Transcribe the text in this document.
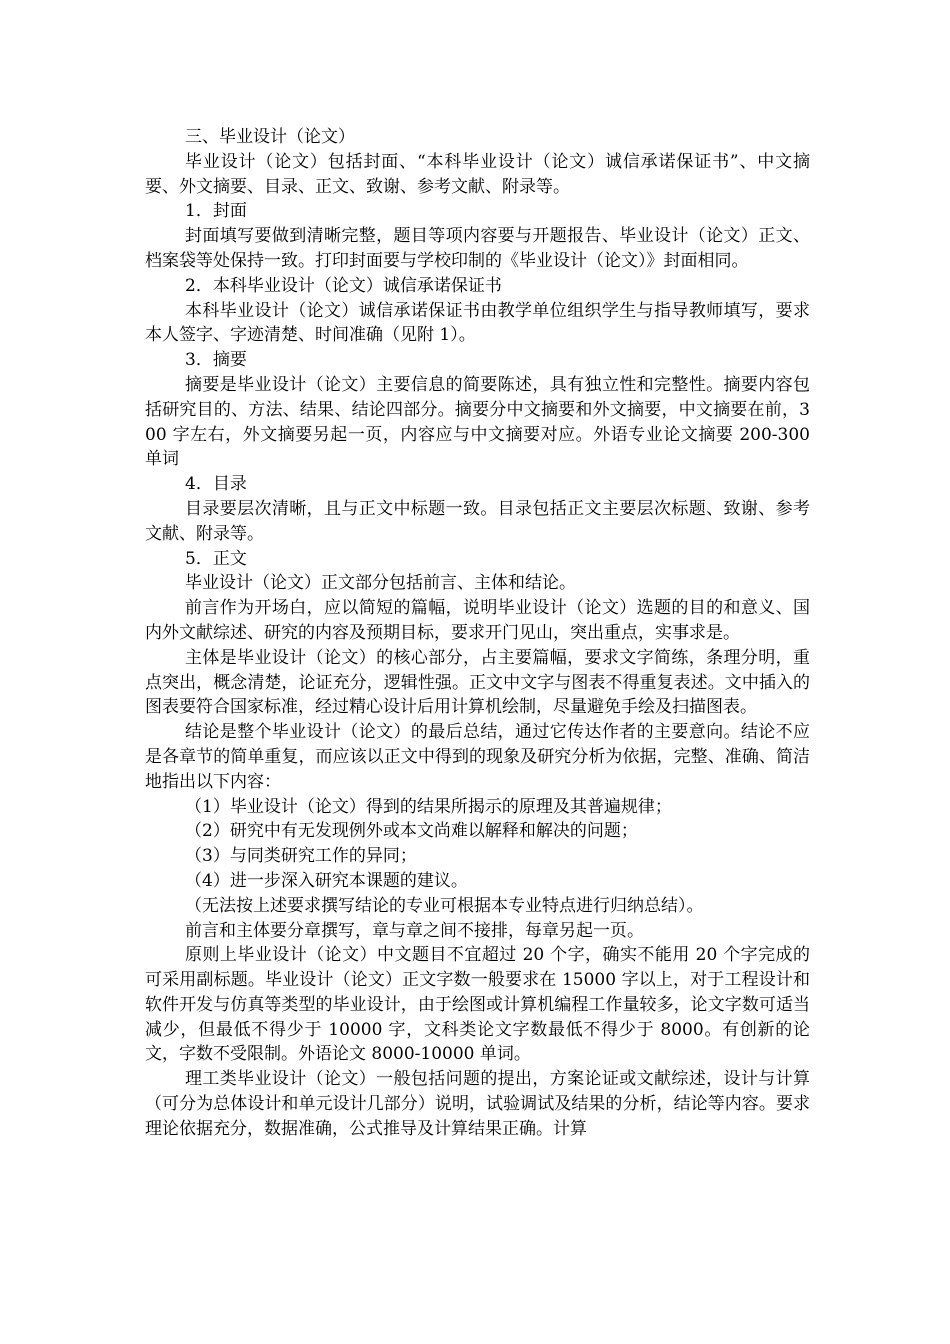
三、毕业设计（论文）

毕业设计（论文）包括封面、“本科毕业设计（论文）诚信承诺保证书”、中文摘要、外文摘要、目录、正文、致谢、参考文献、附录等。

1．封面

封面填写要做到清晰完整，题目等项内容要与开题报告、毕业设计（论文）正文、档案袋等处保持一致。打印封面要与学校印制的《毕业设计（论文）》封面相同。

2．本科毕业设计（论文）诚信承诺保证书

本科毕业设计（论文）诚信承诺保证书由教学单位组织学生与指导教师填写，要求本人签字、字迹清楚、时间准确（见附 1）。

3．摘要

摘要是毕业设计（论文）主要信息的简要陈述，具有独立性和完整性。摘要内容包括研究目的、方法、结果、结论四部分。摘要分中文摘要和外文摘要，中文摘要在前，300 字左右，外文摘要另起一页，内容应与中文摘要对应。外语专业论文摘要 200-300 单词

4．目录

目录要层次清晰，且与正文中标题一致。目录包括正文主要层次标题、致谢、参考文献、附录等。

5．正文

毕业设计（论文）正文部分包括前言、主体和结论。

前言作为开场白，应以简短的篇幅，说明毕业设计（论文）选题的目的和意义、国内外文献综述、研究的内容及预期目标，要求开门见山，突出重点，实事求是。

主体是毕业设计（论文）的核心部分，占主要篇幅，要求文字简练，条理分明，重点突出，概念清楚，论证充分，逻辑性强。正文中文字与图表不得重复表述。文中插入的图表要符合国家标准，经过精心设计后用计算机绘制，尽量避免手绘及扫描图表。

结论是整个毕业设计（论文）的最后总结，通过它传达作者的主要意向。结论不应是各章节的简单重复，而应该以正文中得到的现象及研究分析为依据，完整、准确、简洁地指出以下内容：

（1）毕业设计（论文）得到的结果所揭示的原理及其普遍规律；

（2）研究中有无发现例外或本文尚难以解释和解决的问题；

（3）与同类研究工作的异同；

（4）进一步深入研究本课题的建议。

（无法按上述要求撰写结论的专业可根据本专业特点进行归纳总结）。

前言和主体要分章撰写，章与章之间不接排，每章另起一页。

原则上毕业设计（论文）中文题目不宜超过 20 个字，确实不能用 20 个字完成的可采用副标题。毕业设计（论文）正文字数一般要求在 15000 字以上，对于工程设计和软件开发与仿真等类型的毕业设计，由于绘图或计算机编程工作量较多，论文字数可适当减少，但最低不得少于 10000 字，文科类论文字数最低不得少于 8000。有创新的论文，字数不受限制。外语论文 8000-10000 单词。

理工类毕业设计（论文）一般包括问题的提出，方案论证或文献综述，设计与计算（可分为总体设计和单元设计几部分）说明，试验调试及结果的分析，结论等内容。要求理论依据充分，数据准确，公式推导及计算结果正确。计算
